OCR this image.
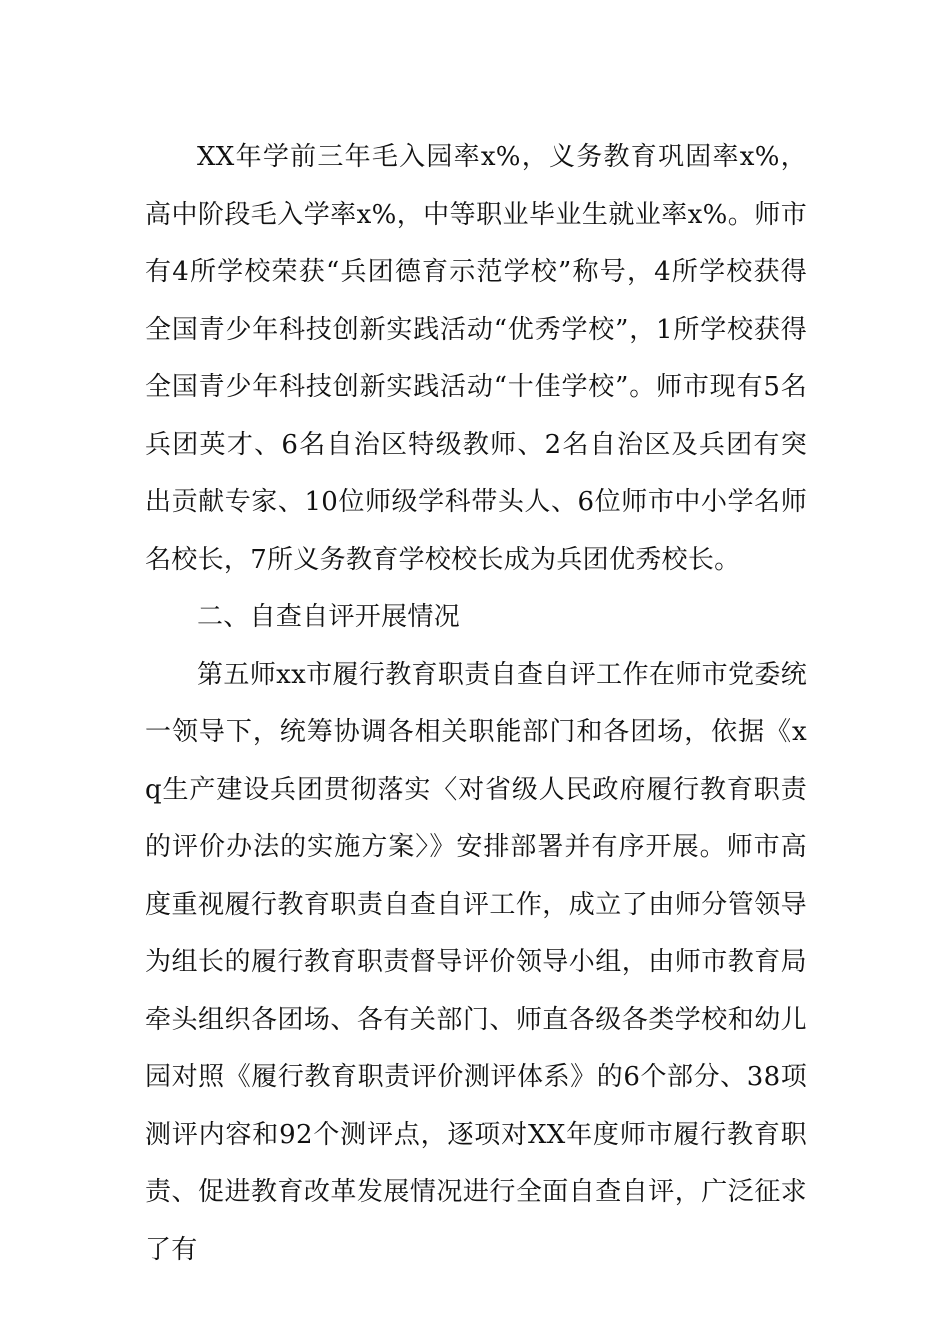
XX年学前三年毛入园率x%，义务教育巩固率x%，高中阶段毛入学率x%，中等职业毕业生就业率x%。师市有4所学校荣获“兵团德育示范学校”称号，4所学校获得全国青少年科技创新实践活动“优秀学校”，1所学校获得全国青少年科技创新实践活动“十佳学校”。师市现有5名兵团英才、6名自治区特级教师、2名自治区及兵团有突出贡献专家、10位师级学科带头人、6位师市中小学名师名校长，7所义务教育学校校长成为兵团优秀校长。

二、自查自评开展情况

第五师xx市履行教育职责自查自评工作在师市党委统一领导下，统筹协调各相关职能部门和各团场，依据《xq生产建设兵团贯彻落实〈对省级人民政府履行教育职责的评价办法的实施方案〉》安排部署并有序开展。师市高度重视履行教育职责自查自评工作，成立了由师分管领导为组长的履行教育职责督导评价领导小组，由师市教育局牵头组织各团场、各有关部门、师直各级各类学校和幼儿园对照《履行教育职责评价测评体系》的6个部分、38项测评内容和92个测评点，逐项对XX年度师市履行教育职责、促进教育改革发展情况进行全面自查自评，广泛征求了有
